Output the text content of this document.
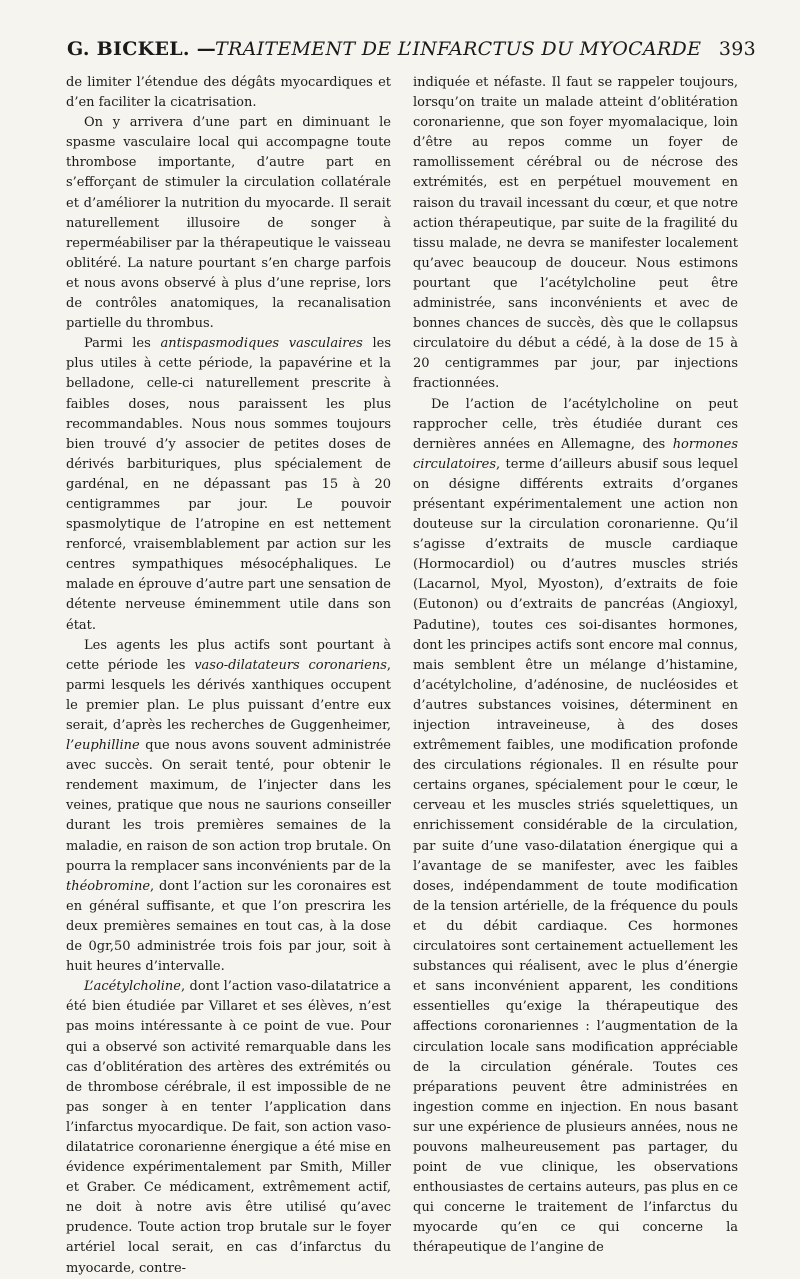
G. BICKEL. —
TRAITEMENT DE L’INFARCTUS DU MYOCARDE 393

de limiter l’étendue des dégâts myocardiques et d’en faciliter la cicatrisation.

On y arrivera d’une part en diminuant le spasme vasculaire local qui accompagne toute thrombose importante, d’autre part en s’efforçant de stimuler la circulation collatérale et d’améliorer la nutrition du myocarde. Il serait naturellement illusoire de songer à reperméabiliser par la thérapeutique le vaisseau oblitéré. La nature pourtant s’en charge parfois et nous avons observé à plus d’une reprise, lors de contrôles anatomiques, la recanalisation partielle du thrombus.

Parmi les antispasmodiques vasculaires les plus utiles à cette période, la papavérine et la belladone, celle-ci naturellement prescrite à faibles doses, nous paraissent les plus recommandables. Nous nous sommes toujours bien trouvé d’y associer de petites doses de dérivés barbituriques, plus spécialement de gardénal, en ne dépassant pas 15 à 20 centigrammes par jour. Le pouvoir spasmolytique de l’atropine en est nettement renforcé, vraisemblablement par action sur les centres sympathiques mésocéphaliques. Le malade en éprouve d’autre part une sensation de détente nerveuse éminemment utile dans son état.

Les agents les plus actifs sont pourtant à cette période les vaso-dilatateurs coronariens, parmi lesquels les dérivés xanthiques occupent le premier plan. Le plus puissant d’entre eux serait, d’après les recherches de Guggenheimer, l’euphilline que nous avons souvent administrée avec succès. On serait tenté, pour obtenir le rendement maximum, de l’injecter dans les veines, pratique que nous ne saurions conseiller durant les trois premières semaines de la maladie, en raison de son action trop brutale. On pourra la remplacer sans inconvénients par de la théobromine, dont l’action sur les coronaires est en général suffisante, et que l’on prescrira les deux premières semaines en tout cas, à la dose de 0gr,50 administrée trois fois par jour, soit à huit heures d’intervalle.

L’acétylcholine, dont l’action vaso-dilatatrice a été bien étudiée par Villaret et ses élèves, n’est pas moins intéressante à ce point de vue. Pour qui a observé son activité remarquable dans les cas d’oblitération des artères des extrémités ou de thrombose cérébrale, il est impossible de ne pas songer à en tenter l’application dans l’infarctus myocardique. De fait, son action vaso-dilatatrice coronarienne énergique a été mise en évidence expérimentalement par Smith, Miller et Graber. Ce médicament, extrêmement actif, ne doit à notre avis être utilisé qu’avec prudence. Toute action trop brutale sur le foyer artériel local serait, en cas d’infarctus du myocarde, contre-

indiquée et néfaste. Il faut se rappeler toujours, lorsqu’on traite un malade atteint d’oblitération coronarienne, que son foyer myomalacique, loin d’être au repos comme un foyer de ramollissement cérébral ou de nécrose des extrémités, est en perpétuel mouvement en raison du travail incessant du cœur, et que notre action thérapeutique, par suite de la fragilité du tissu malade, ne devra se manifester localement qu’avec beaucoup de douceur. Nous estimons pourtant que l’acétylcholine peut être administrée, sans inconvénients et avec de bonnes chances de succès, dès que le collapsus circulatoire du début a cédé, à la dose de 15 à 20 centigrammes par jour, par injections fractionnées.

De l’action de l’acétylcholine on peut rapprocher celle, très étudiée durant ces dernières années en Allemagne, des hormones circulatoires, terme d’ailleurs abusif sous lequel on désigne différents extraits d’organes présentant expérimentalement une action non douteuse sur la circulation coronarienne. Qu’il s’agisse d’extraits de muscle cardiaque (Hormocardiol) ou d’autres muscles striés (Lacarnol, Myol, Myoston), d’extraits de foie (Eutonon) ou d’extraits de pancréas (Angioxyl, Padutine), toutes ces soi-disantes hormones, dont les principes actifs sont encore mal connus, mais semblent être un mélange d’histamine, d’acétylcholine, d’adénosine, de nucléosides et d’autres substances voisines, déterminent en injection intraveineuse, à des doses extrêmement faibles, une modification profonde des circulations régionales. Il en résulte pour certains organes, spécialement pour le cœur, le cerveau et les muscles striés squelettiques, un enrichissement considérable de la circulation, par suite d’une vaso-dilatation énergique qui a l’avantage de se manifester, avec les faibles doses, indépendamment de toute modification de la tension artérielle, de la fréquence du pouls et du débit cardiaque. Ces hormones circulatoires sont certainement actuellement les substances qui réalisent, avec le plus d’énergie et sans inconvénient apparent, les conditions essentielles qu’exige la thérapeutique des affections coronariennes : l’augmentation de la circulation locale sans modification appréciable de la circulation générale. Toutes ces préparations peuvent être administrées en ingestion comme en injection. En nous basant sur une expérience de plusieurs années, nous ne pouvons malheureusement pas partager, du point de vue clinique, les observations enthousiastes de certains auteurs, pas plus en ce qui concerne le traitement de l’infarctus du myocarde qu’en ce qui concerne la thérapeutique de l’angine de
